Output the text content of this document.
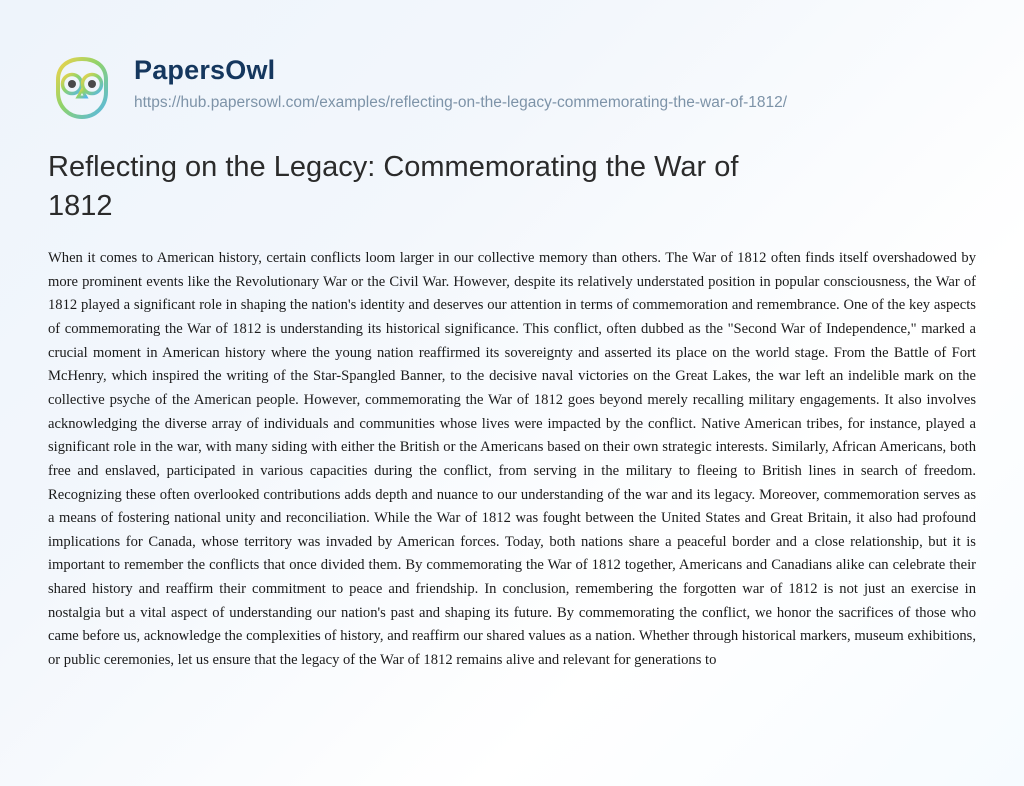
PapersOwl
https://hub.papersowl.com/examples/reflecting-on-the-legacy-commemorating-the-war-of-1812/
Reflecting on the Legacy: Commemorating the War of 1812
When it comes to American history, certain conflicts loom larger in our collective memory than others. The War of 1812 often finds itself overshadowed by more prominent events like the Revolutionary War or the Civil War. However, despite its relatively understated position in popular consciousness, the War of 1812 played a significant role in shaping the nation's identity and deserves our attention in terms of commemoration and remembrance. One of the key aspects of commemorating the War of 1812 is understanding its historical significance. This conflict, often dubbed as the "Second War of Independence," marked a crucial moment in American history where the young nation reaffirmed its sovereignty and asserted its place on the world stage. From the Battle of Fort McHenry, which inspired the writing of the Star-Spangled Banner, to the decisive naval victories on the Great Lakes, the war left an indelible mark on the collective psyche of the American people. However, commemorating the War of 1812 goes beyond merely recalling military engagements. It also involves acknowledging the diverse array of individuals and communities whose lives were impacted by the conflict. Native American tribes, for instance, played a significant role in the war, with many siding with either the British or the Americans based on their own strategic interests. Similarly, African Americans, both free and enslaved, participated in various capacities during the conflict, from serving in the military to fleeing to British lines in search of freedom. Recognizing these often overlooked contributions adds depth and nuance to our understanding of the war and its legacy. Moreover, commemoration serves as a means of fostering national unity and reconciliation. While the War of 1812 was fought between the United States and Great Britain, it also had profound implications for Canada, whose territory was invaded by American forces. Today, both nations share a peaceful border and a close relationship, but it is important to remember the conflicts that once divided them. By commemorating the War of 1812 together, Americans and Canadians alike can celebrate their shared history and reaffirm their commitment to peace and friendship. In conclusion, remembering the forgotten war of 1812 is not just an exercise in nostalgia but a vital aspect of understanding our nation's past and shaping its future. By commemorating the conflict, we honor the sacrifices of those who came before us, acknowledge the complexities of history, and reaffirm our shared values as a nation. Whether through historical markers, museum exhibitions, or public ceremonies, let us ensure that the legacy of the War of 1812 remains alive and relevant for generations to
